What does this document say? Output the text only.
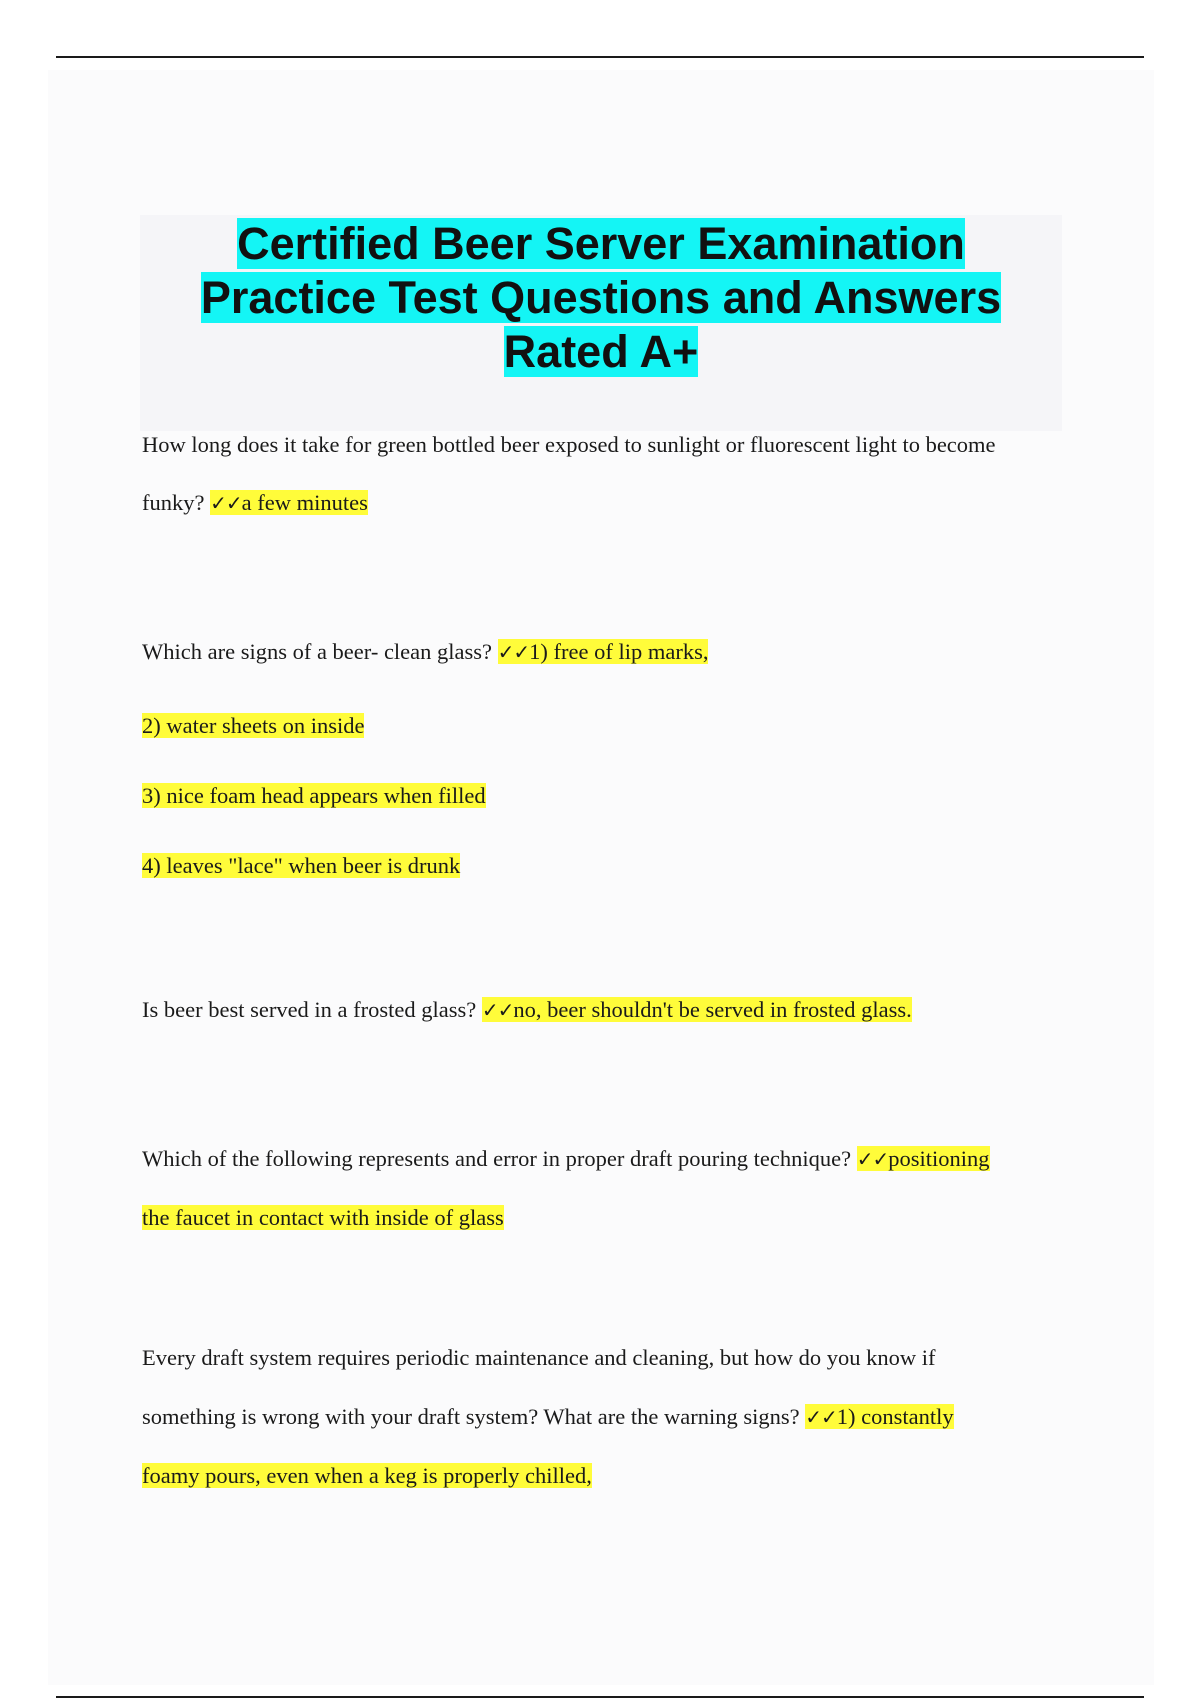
Certified Beer Server Examination
Practice Test Questions and Answers
Rated A+
How long does it take for green bottled beer exposed to sunlight or fluorescent light to become
funky? ✓✓a few minutes
Which are signs of a beer- clean glass? ✓✓1) free of lip marks,
2) water sheets on inside
3) nice foam head appears when filled
4) leaves "lace" when beer is drunk
Is beer best served in a frosted glass? ✓✓no, beer shouldn't be served in frosted glass.
Which of the following represents and error in proper draft pouring technique? ✓✓positioning
the faucet in contact with inside of glass
Every draft system requires periodic maintenance and cleaning, but how do you know if
something is wrong with your draft system? What are the warning signs? ✓✓1) constantly
foamy pours, even when a keg is properly chilled,
